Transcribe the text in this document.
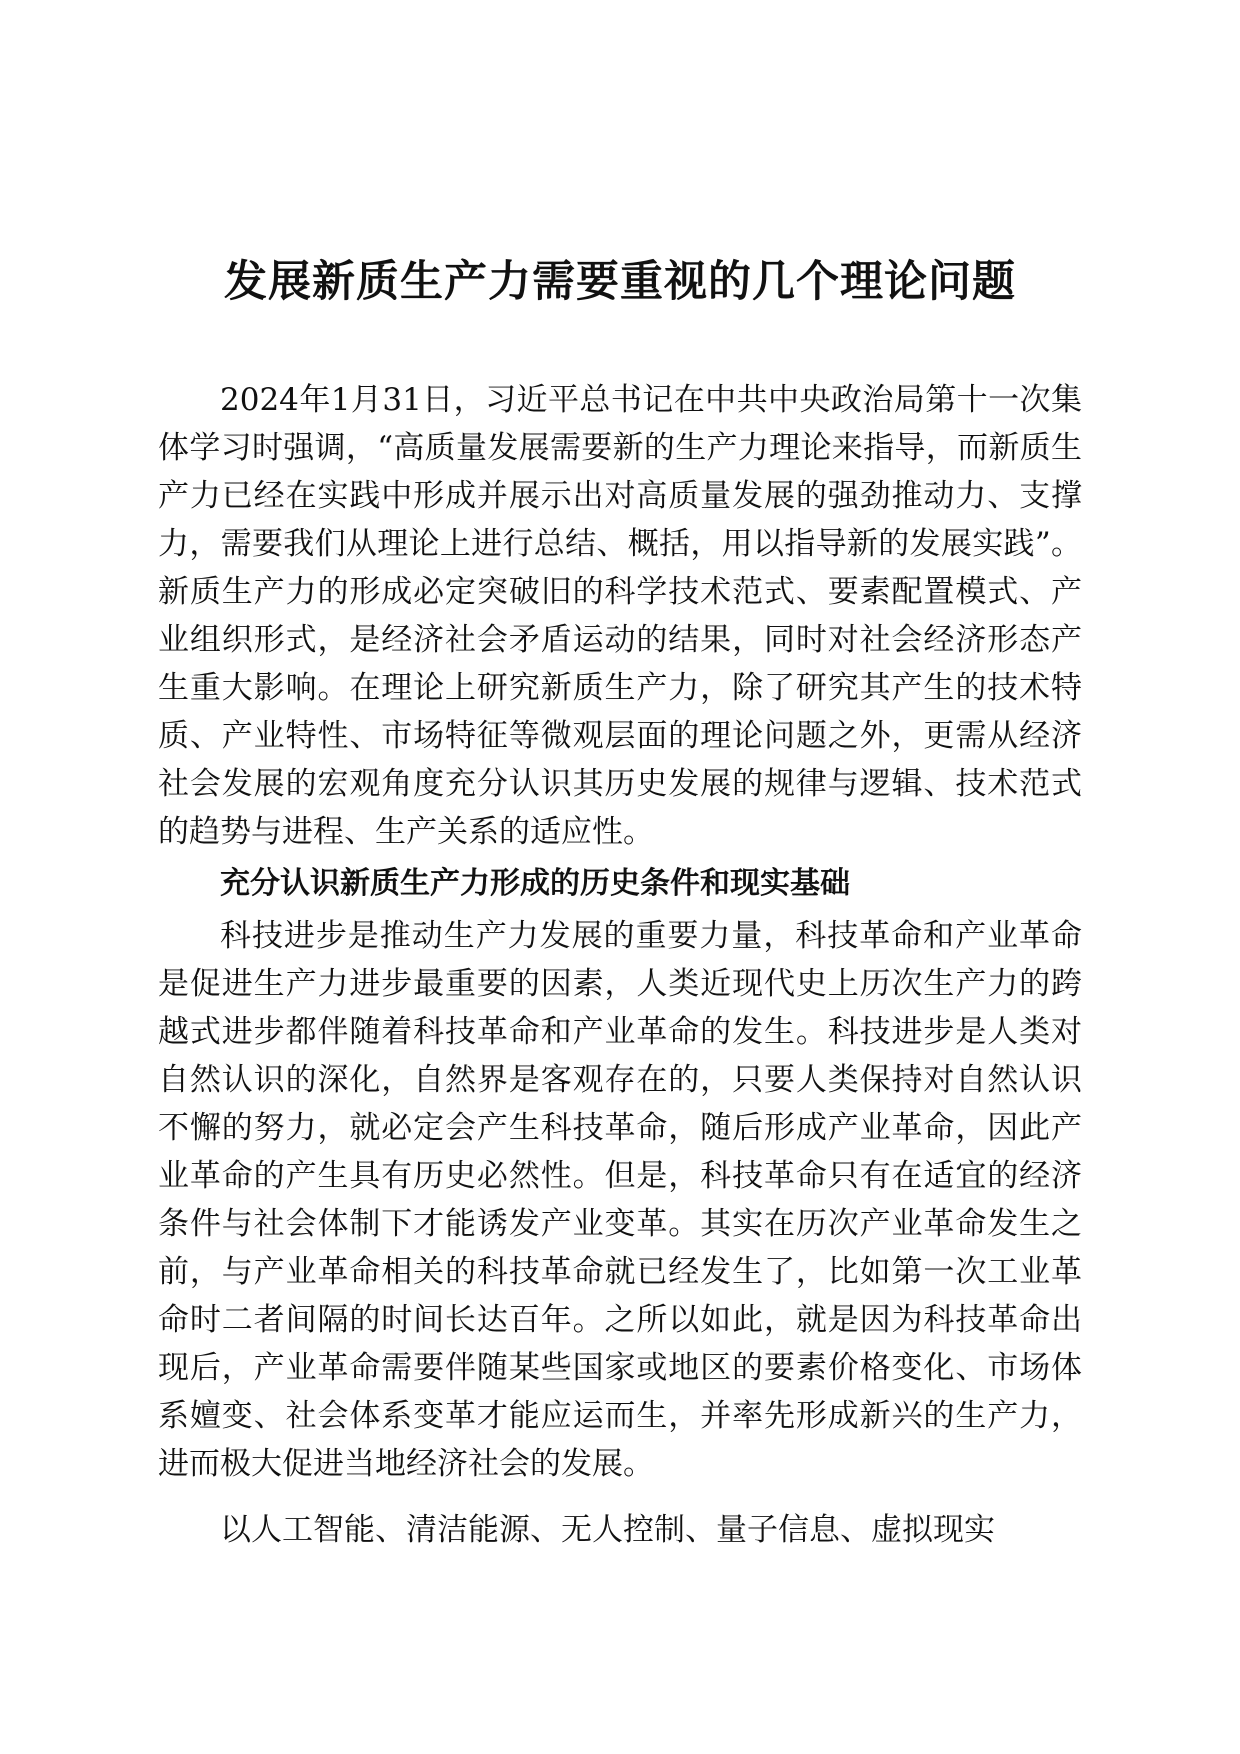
发展新质生产力需要重视的几个理论问题

2024年1月31日，习近平总书记在中共中央政治局第十一次集体学习时强调，“高质量发展需要新的生产力理论来指导，而新质生产力已经在实践中形成并展示出对高质量发展的强劲推动力、支撑力，需要我们从理论上进行总结、概括，用以指导新的发展实践”。新质生产力的形成必定突破旧的科学技术范式、要素配置模式、产业组织形式，是经济社会矛盾运动的结果，同时对社会经济形态产生重大影响。在理论上研究新质生产力，除了研究其产生的技术特质、产业特性、市场特征等微观层面的理论问题之外，更需从经济社会发展的宏观角度充分认识其历史发展的规律与逻辑、技术范式的趋势与进程、生产关系的适应性。

充分认识新质生产力形成的历史条件和现实基础

科技进步是推动生产力发展的重要力量，科技革命和产业革命是促进生产力进步最重要的因素，人类近现代史上历次生产力的跨越式进步都伴随着科技革命和产业革命的发生。科技进步是人类对自然认识的深化，自然界是客观存在的，只要人类保持对自然认识不懈的努力，就必定会产生科技革命，随后形成产业革命，因此产业革命的产生具有历史必然性。但是，科技革命只有在适宜的经济条件与社会体制下才能诱发产业变革。其实在历次产业革命发生之前，与产业革命相关的科技革命就已经发生了，比如第一次工业革命时二者间隔的时间长达百年。之所以如此，就是因为科技革命出现后，产业革命需要伴随某些国家或地区的要素价格变化、市场体系嬗变、社会体系变革才能应运而生，并率先形成新兴的生产力，进而极大促进当地经济社会的发展。

以人工智能、清洁能源、无人控制、量子信息、虚拟现实
